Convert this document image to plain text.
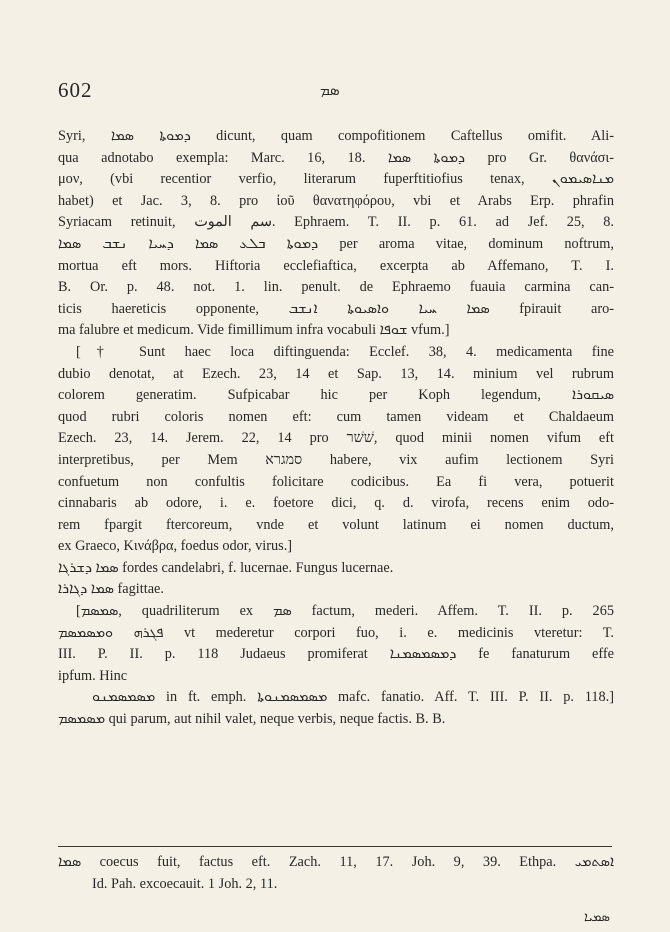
602	ܣܡ
Syri, ܕܡܘܬܐ ܣܡܐ dicunt, quam compofitionem Caftellus omifit. Ali-
qua adnotabo exempla: Marc. 16, 18. ܕܡܘܬܐ ܣܡܐ pro Gr. θανάσι-
μον, (vbi recentior verfio, literarum fuperftitiofius tenax, ܡܢܐܣܝܡܘܢ
habet) et Jac. 3, 8. pro ἰοῦ θανατηφόρου, vbi et Arabs Erp. phrafin
Syriacam retinuit, سم الموت. Ephraem. T. II. p. 61. ad Jef. 25, 8.
ܕܡܘܬܐ ܒܠܥ ܣܡܐ ܕܚܝܐ ܢܫܒ ܣܡܐ per aroma vitae, dominum noftrum,
mortua eft mors. Hiftoria ecclefiaftica, excerpta ab Affemano, T. I.
B. Or. p. 48. not. 1. lin. penult. de Ephraemo fuauia carmina can-
ticis haereticis opponente, ܣܡܐ ܚܝܐ ܘܐܣܝܘܬܐ ܐܢܫܒ fpirauit aro-
ma falubre et medicum. Vide fimillimum infra vocabuli ܫܘܦܐ vfum.]
[† Sunt haec loca diftinguenda: Ecclef. 38, 4. medicamenta fine
dubio denotat, at Ezech. 23, 14 et Sap. 13, 14. minium vel rubrum
colorem generatim. Sufpicabar hic per Koph legendum, ܣܝܩܘܪܐ
quod rubri coloris nomen eft: cum tamen videam et Chaldaeum
Ezech. 23, 14. Jerem. 22, 14 pro שׁשׁר, quod minii nomen vifum eft
interpretibus, per Mem סמגרא habere, vix aufim lectionem Syri
confuetum non confultis folicitare codicibus. Ea fi vera, potuerit
cinnabaris ab odore, i. e. foetore dici, q. d. virofa, recens enim odo-
rem fpargit ftercoreum, vnde et volunt latinum ei nomen ductum,
ex Graeco, Κινάβρα, foedus odor, virus.]
ܣܡܐ ܕܫܪܓܐ fordes candelabri, f. lucernae. Fungus lucernae.
ܣܡܐ ܕܓܐܪܐ fagittae.
[ܣܡܣܡ, quadriliterum ex ܣܡ factum, mederi. Affem. T. II. p. 265
ܦܓܪܗ ܘܡܣܡܣܡ vt mederetur corpori fuo, i. e. medicinis vteretur: T.
III. P. II. p. 118 Judaeus promiferat ܕܡܣܡܣܡܢܐ fe fanaturum effe
ipfum. Hinc
ܡܣܡܣܡܢܘ in ft. emph. ܡܣܡܣܡܢܘܬܐ mafc. fanatio. Aff. T. III. P. II. p. 118.]
ܡܣܡܣܡ qui parum, aut nihil valet, neque verbis, neque factis. B. B.
ܣܡܐ coecus fuit, factus eft. Zach. 11, 17. Joh. 9, 39. Ethpa. ܐܣܬܡܝ
Id. Pah. excoecauit. 1 Joh. 2, 11.
ܣܡܝܐ
